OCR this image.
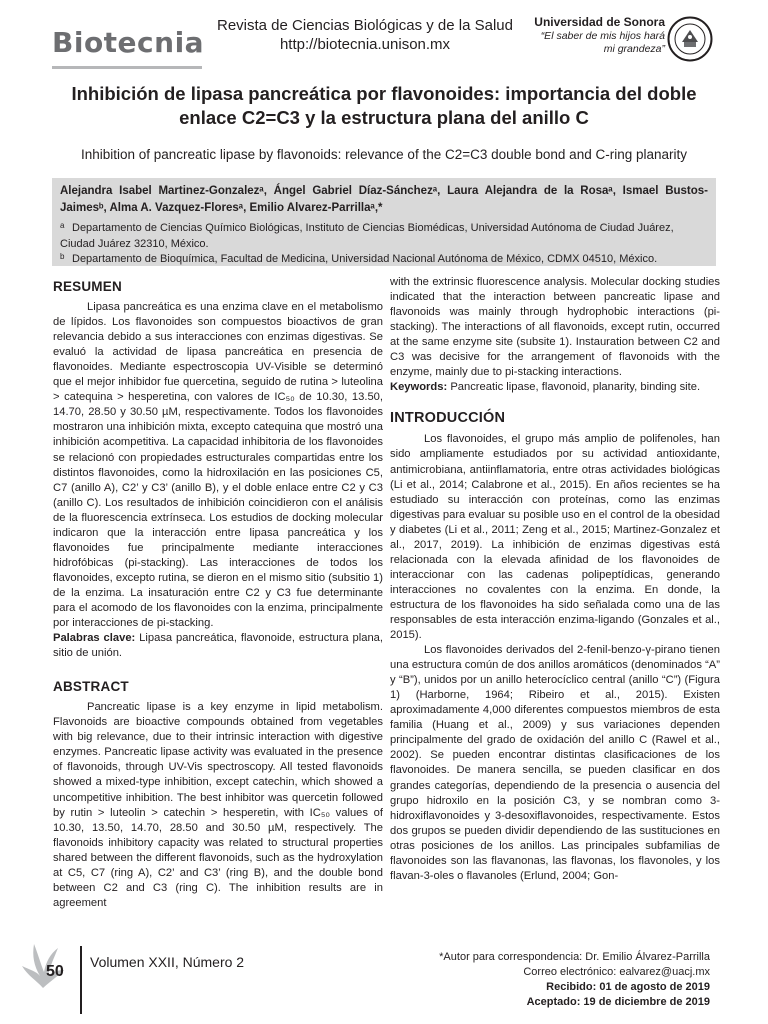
Biotecnia
Revista de Ciencias Biológicas y de la Salud
http://biotecnia.unison.mx
Universidad de Sonora
“El saber de mis hijos hará
mi grandeza”
Inhibición de lipasa pancreática por flavonoides: importancia del doble enlace C2=C3 y la estructura plana del anillo C
Inhibition of pancreatic lipase by flavonoids: relevance of the C2=C3 double bond and C-ring planarity
Alejandra Isabel Martinez-Gonzalezᵃ, Ángel Gabriel Díaz-Sánchezᵃ, Laura Alejandra de la Rosaᵃ, Ismael Bustos-Jaimesᵇ, Alma A. Vazquez-Floresᵃ, Emilio Alvarez-Parrillaᵃ,*
a Departamento de Ciencias Químico Biológicas, Instituto de Ciencias Biomédicas, Universidad Autónoma de Ciudad Juárez, Ciudad Juárez 32310, México.
b Departamento de Bioquímica, Facultad de Medicina, Universidad Nacional Autónoma de México, CDMX 04510, México.
RESUMEN

Lipasa pancreática es una enzima clave en el metabolismo de lípidos. Los flavonoides son compuestos bioactivos de gran relevancia debido a sus interacciones con enzimas digestivas. Se evaluó la actividad de lipasa pancreática en presencia de flavonoides. Mediante espectroscopia UV-Visible se determinó que el mejor inhibidor fue quercetina, seguido de rutina > luteolina > catequina > hesperetina, con valores de IC₅₀ de 10.30, 13.50, 14.70, 28.50 y 30.50 µM, respectivamente. Todos los flavonoides mostraron una inhibición mixta, excepto catequina que mostró una inhibición acompetitiva. La capacidad inhibitoria de los flavonoides se relacionó con propiedades estructurales compartidas entre los distintos flavonoides, como la hidroxilación en las posiciones C5, C7 (anillo A), C2’ y C3’ (anillo B), y el doble enlace entre C2 y C3 (anillo C). Los resultados de inhibición coincidieron con el análisis de la fluorescencia extrínseca. Los estudios de docking molecular indicaron que la interacción entre lipasa pancreática y los flavonoides fue principalmente mediante interacciones hidrofóbicas (pi-stacking). Las interacciones de todos los flavonoides, excepto rutina, se dieron en el mismo sitio (subsitio 1) de la enzima. La insaturación entre C2 y C3 fue determinante para el acomodo de los flavonoides con la enzima, principalmente por interacciones de pi-stacking.

Palabras clave: Lipasa pancreática, flavonoide, estructura plana, sitio de unión.

ABSTRACT

Pancreatic lipase is a key enzyme in lipid metabolism. Flavonoids are bioactive compounds obtained from vegetables with big relevance, due to their intrinsic interaction with digestive enzymes. Pancreatic lipase activity was evaluated in the presence of flavonoids, through UV-Vis spectroscopy. All tested flavonoids showed a mixed-type inhibition, except catechin, which showed a uncompetitive inhibition. The best inhibitor was quercetin followed by rutin > luteolin > catechin > hesperetin, with IC₅₀ values of 10.30, 13.50, 14.70, 28.50 and 30.50 µM, respectively. The flavonoids inhibitory capacity was related to structural properties shared between the different flavonoids, such as the hydroxylation at C5, C7 (ring A), C2’ and C3’ (ring B), and the double bond between C2 and C3 (ring C). The inhibition results are in agreement

with the extrinsic fluorescence analysis. Molecular docking studies indicated that the interaction between pancreatic lipase and flavonoids was mainly through hydrophobic interactions (pi-stacking). The interactions of all flavonoids, except rutin, occurred at the same enzyme site (subsite 1). Instauration between C2 and C3 was decisive for the arrangement of flavonoids with the enzyme, mainly due to pi-stacking interactions.

Keywords: Pancreatic lipase, flavonoid, planarity, binding site.

INTRODUCCIÓN

Los flavonoides, el grupo más amplio de polifenoles, han sido ampliamente estudiados por su actividad antioxidante, antimicrobiana, antiinflamatoria, entre otras actividades biológicas (Li et al., 2014; Calabrone et al., 2015). En años recientes se ha estudiado su interacción con proteínas, como las enzimas digestivas para evaluar su posible uso en el control de la obesidad y diabetes (Li et al., 2011; Zeng et al., 2015; Martinez-Gonzalez et al., 2017, 2019). La inhibición de enzimas digestivas está relacionada con la elevada afinidad de los flavonoides de interaccionar con las cadenas polipeptídicas, generando interacciones no covalentes con la enzima. En donde, la estructura de los flavonoides ha sido señalada como una de las responsables de esta interacción enzima-ligando (Gonzales et al., 2015).

Los flavonoides derivados del 2-fenil-benzo-γ-pirano tienen una estructura común de dos anillos aromáticos (denominados “A” y “B”), unidos por un anillo heterocíclico central (anillo “C”) (Figura 1) (Harborne, 1964; Ribeiro et al., 2015). Existen aproximadamente 4,000 diferentes compuestos miembros de esta familia (Huang et al., 2009) y sus variaciones dependen principalmente del grado de oxidación del anillo C (Rawel et al., 2002). Se pueden encontrar distintas clasificaciones de los flavonoides. De manera sencilla, se pueden clasificar en dos grandes categorías, dependiendo de la presencia o ausencia del grupo hidroxilo en la posición C3, y se nombran como 3-hidroxiflavonoides y 3-desoxiflavonoides, respectivamente. Estos dos grupos se pueden dividir dependiendo de las sustituciones en otras posiciones de los anillos. Las principales subfamilias de flavonoides son las flavanonas, las flavonas, los flavonoles, y los flavan-3-oles o flavanoles (Erlund, 2004; Gon-

50
Volumen XXII, Número 2	*Autor para correspondencia: Dr. Emilio Álvarez-Parrilla
Correo electrónico: ealvarez@uacj.mx
Recibido: 01 de agosto de 2019
Aceptado: 19 de diciembre de 2019
